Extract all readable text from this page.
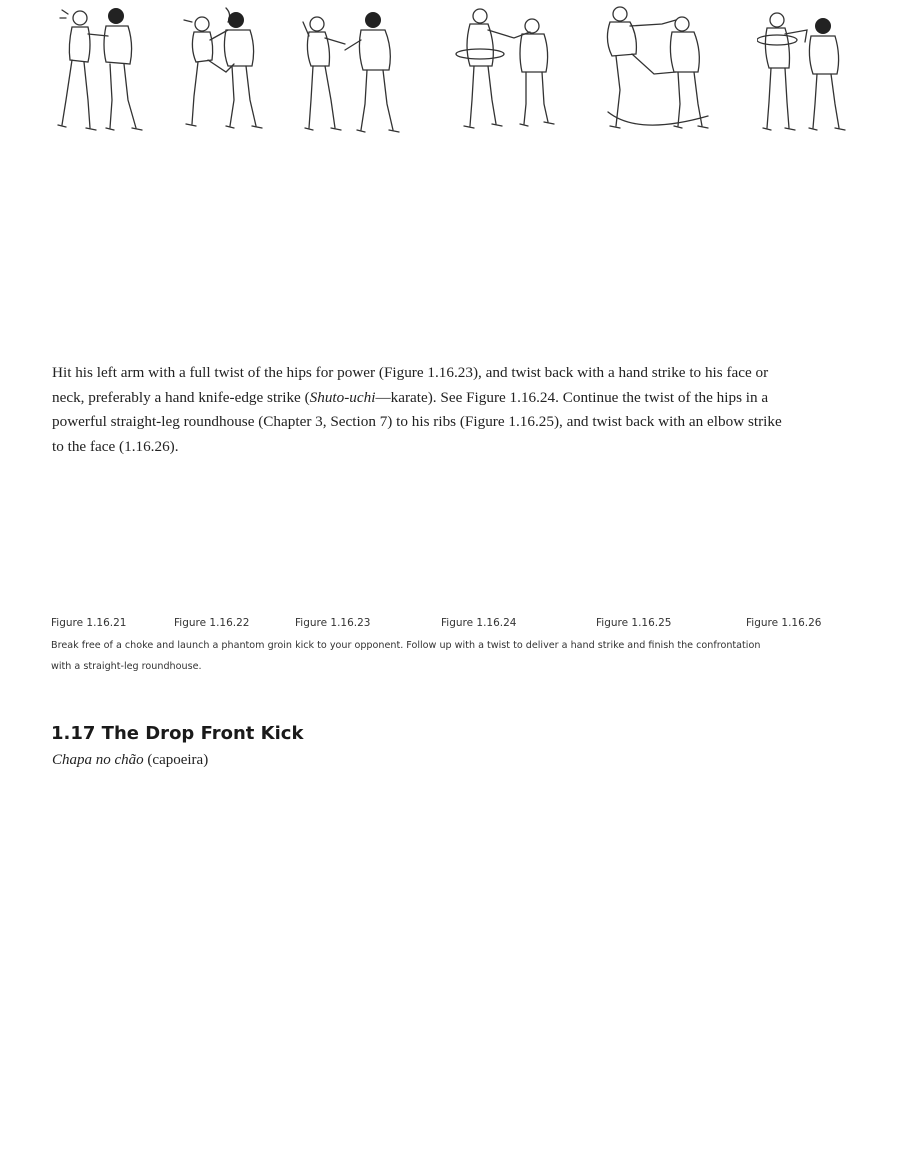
Hit his left arm with a full twist of the hips for power (Figure 1.16.23), and twist back with a hand strike to his face or

neck, preferably a hand knife-edge strike (Shuto-uchi—karate). See Figure 1.16.24. Continue the twist of the hips in a

powerful straight-leg roundhouse (Chapter 3, Section 7) to his ribs (Figure 1.16.25), and twist back with an elbow strike

to the face (1.16.26).

Figure 1.16.21	Figure 1.16.22	Figure 1.16.23	Figure 1.16.24	Figure 1.16.25	Figure 1.16.26
Break free of a choke and launch a phantom groin kick to your opponent. Follow up with a twist to deliver a hand strike and finish the confrontation
with a straight-leg roundhouse.
1.17 The Drop Front Kick
Chapa no chão (capoeira)
